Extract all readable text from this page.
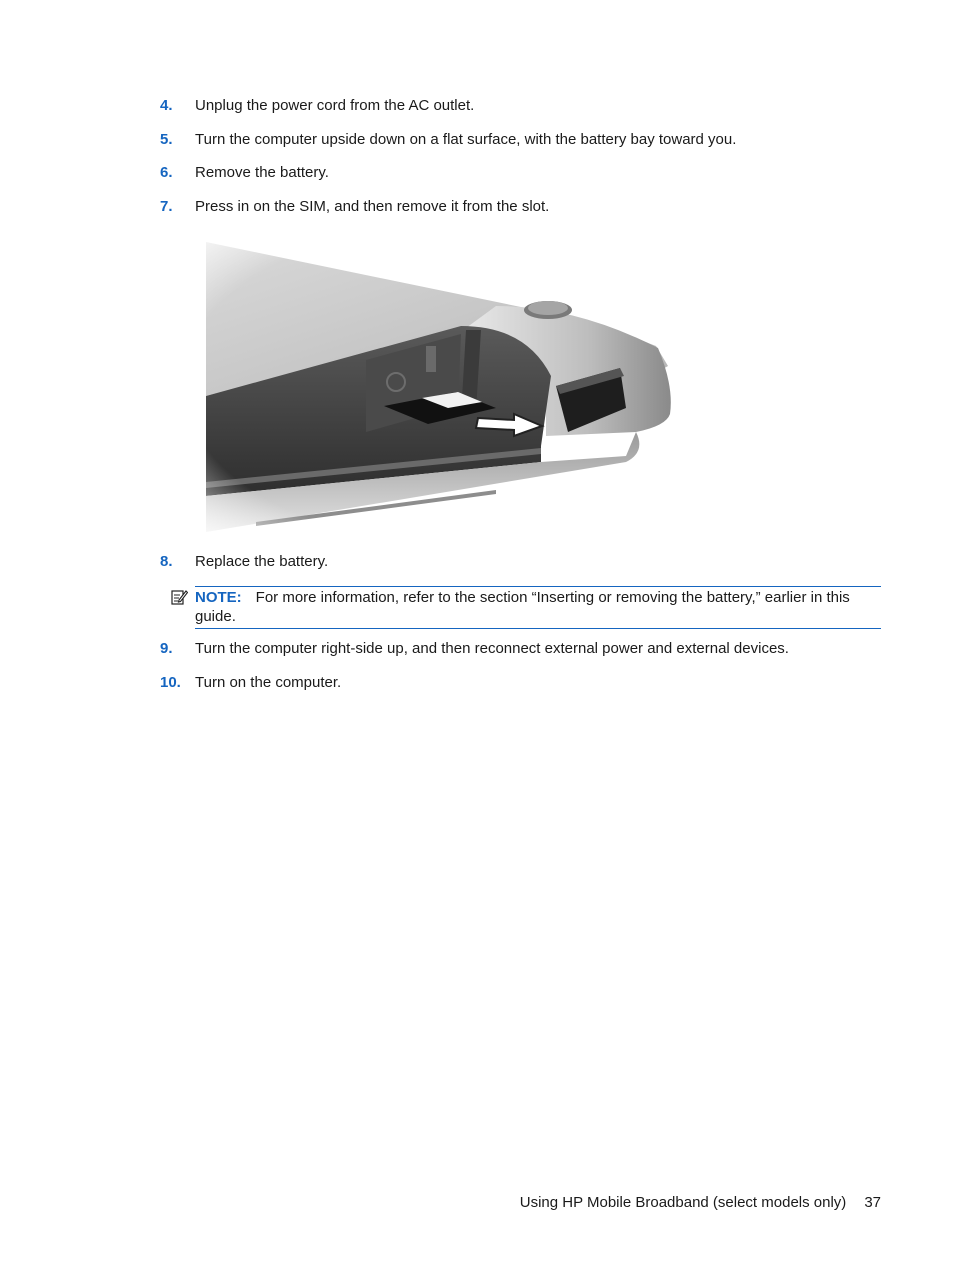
4. Unplug the power cord from the AC outlet.
5. Turn the computer upside down on a flat surface, with the battery bay toward you.
6. Remove the battery.
7. Press in on the SIM, and then remove it from the slot.
8. Replace the battery.
NOTE: For more information, refer to the section “Inserting or removing the battery,” earlier in this guide.
9. Turn the computer right-side up, and then reconnect external power and external devices.
10. Turn on the computer.
Using HP Mobile Broadband (select models only) 37
